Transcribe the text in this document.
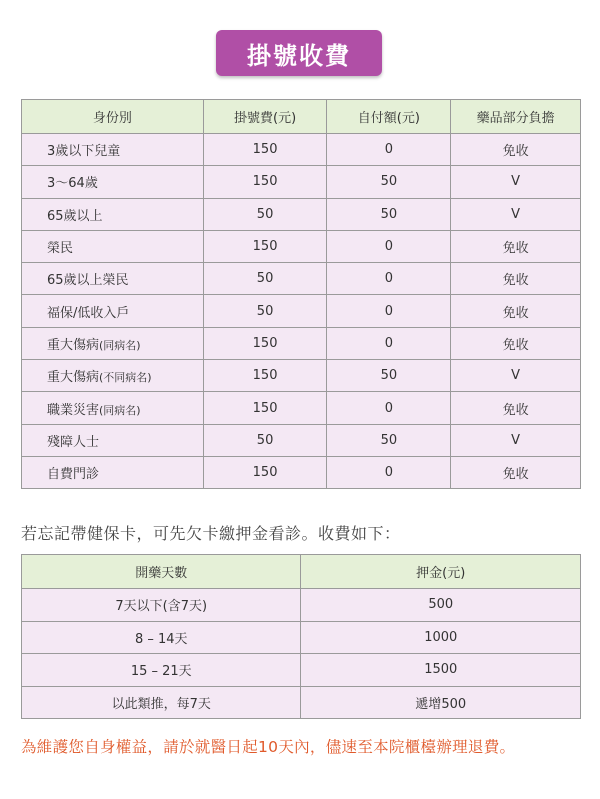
掛號收費
身份別	掛號費(元)	自付額(元)	藥品部分負擔
3歲以下兒童	150	0	免收
3～64歲	150	50	V
65歲以上	50	50	V
榮民	150	0	免收
65歲以上榮民	50	0	免收
福保/低收入戶	50	0	免收
重大傷病(同病名)	150	0	免收
重大傷病(不同病名)	150	50	V
職業災害(同病名)	150	0	免收
殘障人士	50	50	V
自費門診	150	0	免收
若忘記帶健保卡，可先欠卡繳押金看診。收費如下：
開藥天數	押金(元)
7天以下(含7天)	500
8 – 14天	1000
15 – 21天	1500
以此類推，每7天	遞增500
為維護您自身權益，請於就醫日起10天內，儘速至本院櫃檯辦理退費。
